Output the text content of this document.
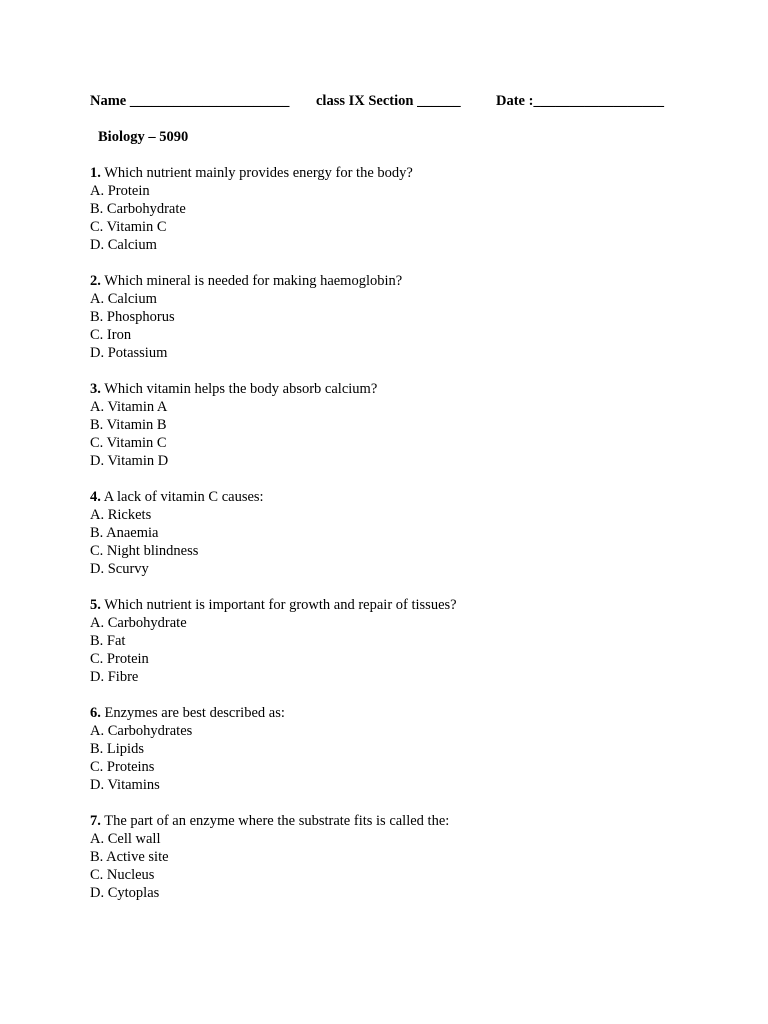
Name ______________________ class IX Section ______ Date :__________________
Biology – 5090
1. Which nutrient mainly provides energy for the body?
A. Protein
B. Carbohydrate
C. Vitamin C
D. Calcium
2. Which mineral is needed for making haemoglobin?
A. Calcium
B. Phosphorus
C. Iron
D. Potassium
3. Which vitamin helps the body absorb calcium?
A. Vitamin A
B. Vitamin B
C. Vitamin C
D. Vitamin D
4. A lack of vitamin C causes:
A. Rickets
B. Anaemia
C. Night blindness
D. Scurvy
5. Which nutrient is important for growth and repair of tissues?
A. Carbohydrate
B. Fat
C. Protein
D. Fibre
6. Enzymes are best described as:
A. Carbohydrates
B. Lipids
C. Proteins
D. Vitamins
7. The part of an enzyme where the substrate fits is called the:
A. Cell wall
B. Active site
C. Nucleus
D. Cytoplas
